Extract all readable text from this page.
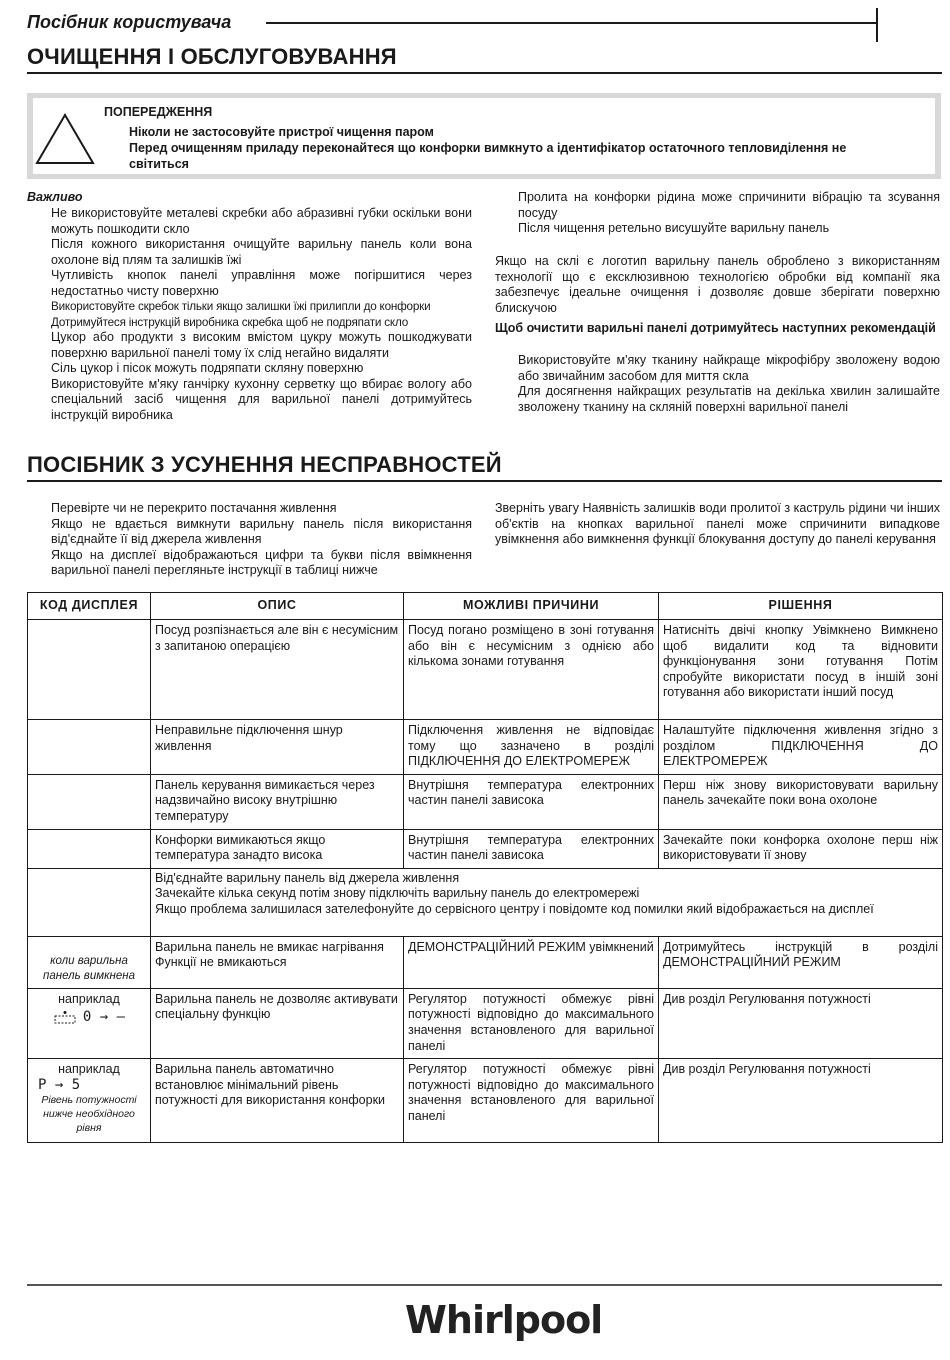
Посібник користувача
ОЧИЩЕННЯ І ОБСЛУГОВУВАННЯ
ПОПЕРЕДЖЕННЯ
Ніколи не застосовуйте пристрої чищення паром
Перед очищенням приладу переконайтеся що конфорки вимкнуто а ідентифікатор остаточного тепловиділення не світиться
Важливо
Не використовуйте металеві скребки або абразивні губки оскільки вони можуть пошкодити скло
Після кожного використання очищуйте варильну панель коли вона охолоне від плям та залишків їжі
Чутливість кнопок панелі управління може погіршитися через недостатньо чисту поверхню
Використовуйте скребок тільки якщо залишки їжі прилипли до конфорки
Дотримуйтеся інструкцій виробника скребка щоб не подряпати скло
Цукор або продукти з високим вмістом цукру можуть пошкоджувати поверхню варильної панелі тому їх слід негайно видаляти
Сіль цукор і пісок можуть подряпати скляну поверхню
Використовуйте м'яку ганчірку кухонну серветку що вбирає вологу або спеціальний засіб чищення для варильної панелі дотримуйтесь інструкцій виробника
Пролита на конфорки рідина може спричинити вібрацію та зсування посуду
Після чищення ретельно висушуйте варильну панель
Якщо на склі є логотип варильну панель оброблено з використанням технології що є ексклюзивною технологією обробки від компанії яка забезпечує ідеальне очищення і дозволяє довше зберігати поверхню блискучою
Щоб очистити варильні панелі дотримуйтесь наступних рекомендацій
Використовуйте м'яку тканину найкраще мікрофібру зволожену водою або звичайним засобом для миття скла
Для досягнення найкращих результатів на декілька хвилин залишайте зволожену тканину на скляній поверхні варильної панелі
ПОСІБНИК З УСУНЕННЯ НЕСПРАВНОСТЕЙ
Перевірте чи не перекрито постачання живлення
Якщо не вдається вимкнути варильну панель після використання від'єднайте її від джерела живлення
Якщо на дисплеї відображаються цифри та букви після ввімкнення варильної панелі перегляньте інструкції в таблиці нижче
Зверніть увагу Наявність залишків води пролитої з каструль рідини чи інших об'єктів на кнопках варильної панелі може спричинити випадкове увімкнення або вимкнення функції блокування доступу до панелі керування
КОД ДИСПЛЕЯ	ОПИС	МОЖЛИВІ ПРИЧИНИ	РІШЕННЯ
	Посуд розпізнається але він є несумісним з запитаною операцією	Посуд погано розміщено в зоні готування або він є несумісним з однією або кількома зонами готування	Натисніть двічі кнопку Увімкнено Вимкнено щоб видалити код та відновити функціонування зони готування Потім спробуйте використати посуд в іншій зоні готування або використати інший посуд
	Неправильне підключення шнур живлення	Підключення живлення не відповідає тому що зазначено в розділі ПІДКЛЮЧЕННЯ ДО ЕЛЕКТРОМЕРЕЖ	Налаштуйте підключення живлення згідно з розділом ПІДКЛЮЧЕННЯ ДО ЕЛЕКТРОМЕРЕЖ
	Панель керування вимикається через надзвичайно високу внутрішню температуру	Внутрішня температура електронних частин панелі зависока	Перш ніж знову використовувати варильну панель зачекайте поки вона охолоне
	Конфорки вимикаються якщо температура занадто висока	Внутрішня температура електронних частин панелі зависока	Зачекайте поки конфорка охолоне перш ніж використовувати її знову

	Від'єднайте варильну панель від джерела живлення
Зачекайте кілька секунд потім знову підключіть варильну панель до електромережі
Якщо проблема залишилася зателефонуйте до сервісного центру і повідомте код помилки який відображається на дисплеї		

коли варильна панель вимкнена	Варильна панель не вмикає нагрівання Функції не вмикаються	ДЕМОНСТРАЦІЙНИЙ РЕЖИМ увімкнений	Дотримуйтесь інструкцій в розділі ДЕМОНСТРАЦІЙНИЙ РЕЖИМ

наприклад
0 → –	Варильна панель не дозволяє активувати спеціальну функцію	Регулятор потужності обмежує рівні потужності відповідно до максимального значення встановленого для варильної панелі	Див розділ Регулювання потужності

наприклад
P → 5
Рівень потужності нижче необхідного рівня	Варильна панель автоматично встановлює мінімальний рівень потужності для використання конфорки	Регулятор потужності обмежує рівні потужності відповідно до максимального значення встановленого для варильної панелі	Див розділ Регулювання потужності
Whirlpool
